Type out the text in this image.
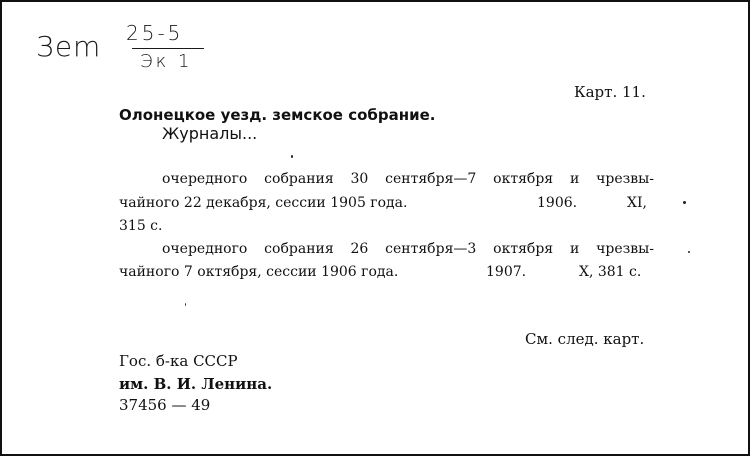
Зem 25-5
Эк 1
Карт. 11.
Олонецкое уезд. земское собрание.
Журналы...
очередного собрания 30 сентября—7 октября и чрезвы-
чайного 22 декабря, сессии 1905 года.	1906.	XI,
315 с.
очередного собрания 26 сентября—3 октября и чрезвы-
чайного 7 октября, сессии 1906 года.	1907.	X, 381 с.
См. след. карт.
Гос. б-ка СССР
им. В. И. Ленина.
37456 — 49
